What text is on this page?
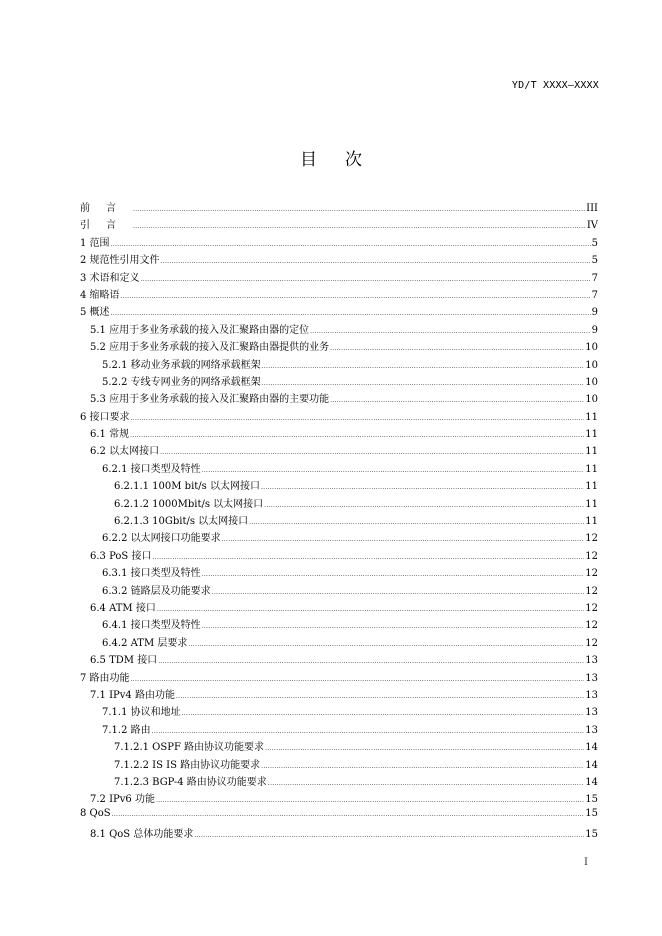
YD/T XXXX—XXXX
目次
前言 .....	III
引言 .....	IV
1 范围 .....	5
2 规范性引用文件 .....	5
3 术语和定义 .....	7
4 缩略语 .....	7
5 概述 .....	9
5.1 应用于多业务承载的接入及汇聚路由器的定位 .....	9
5.2 应用于多业务承载的接入及汇聚路由器提供的业务 .....	10
5.2.1 移动业务承载的网络承载框架 .....	10
5.2.2 专线专网业务的网络承载框架 .....	10
5.3 应用于多业务承载的接入及汇聚路由器的主要功能 .....	10
6 接口要求 .....	11
6.1 常规 .....	11
6.2 以太网接口 .....	11
6.2.1 接口类型及特性 .....	11
6.2.1.1 100M bit/s 以太网接口 .....	11
6.2.1.2 1000Mbit/s 以太网接口 .....	11
6.2.1.3 10Gbit/s 以太网接口 .....	11
6.2.2 以太网接口功能要求 .....	12
6.3 PoS 接口 .....	12
6.3.1 接口类型及特性 .....	12
6.3.2 链路层及功能要求 .....	12
6.4 ATM 接口 .....	12
6.4.1 接口类型及特性 .....	12
6.4.2 ATM 层要求 .....	12
6.5 TDM 接口 .....	13
7 路由功能 .....	13
7.1 IPv4 路由功能 .....	13
7.1.1 协议和地址 .....	13
7.1.2 路由 .....	13
7.1.2.1 OSPF 路由协议功能要求 .....	14
7.1.2.2 IS IS 路由协议功能要求 .....	14
7.1.2.3 BGP-4 路由协议功能要求 .....	14
7.2 IPv6 功能 .....	15
8 QoS .....	15
8.1 QoS 总体功能要求 .....	15
I
